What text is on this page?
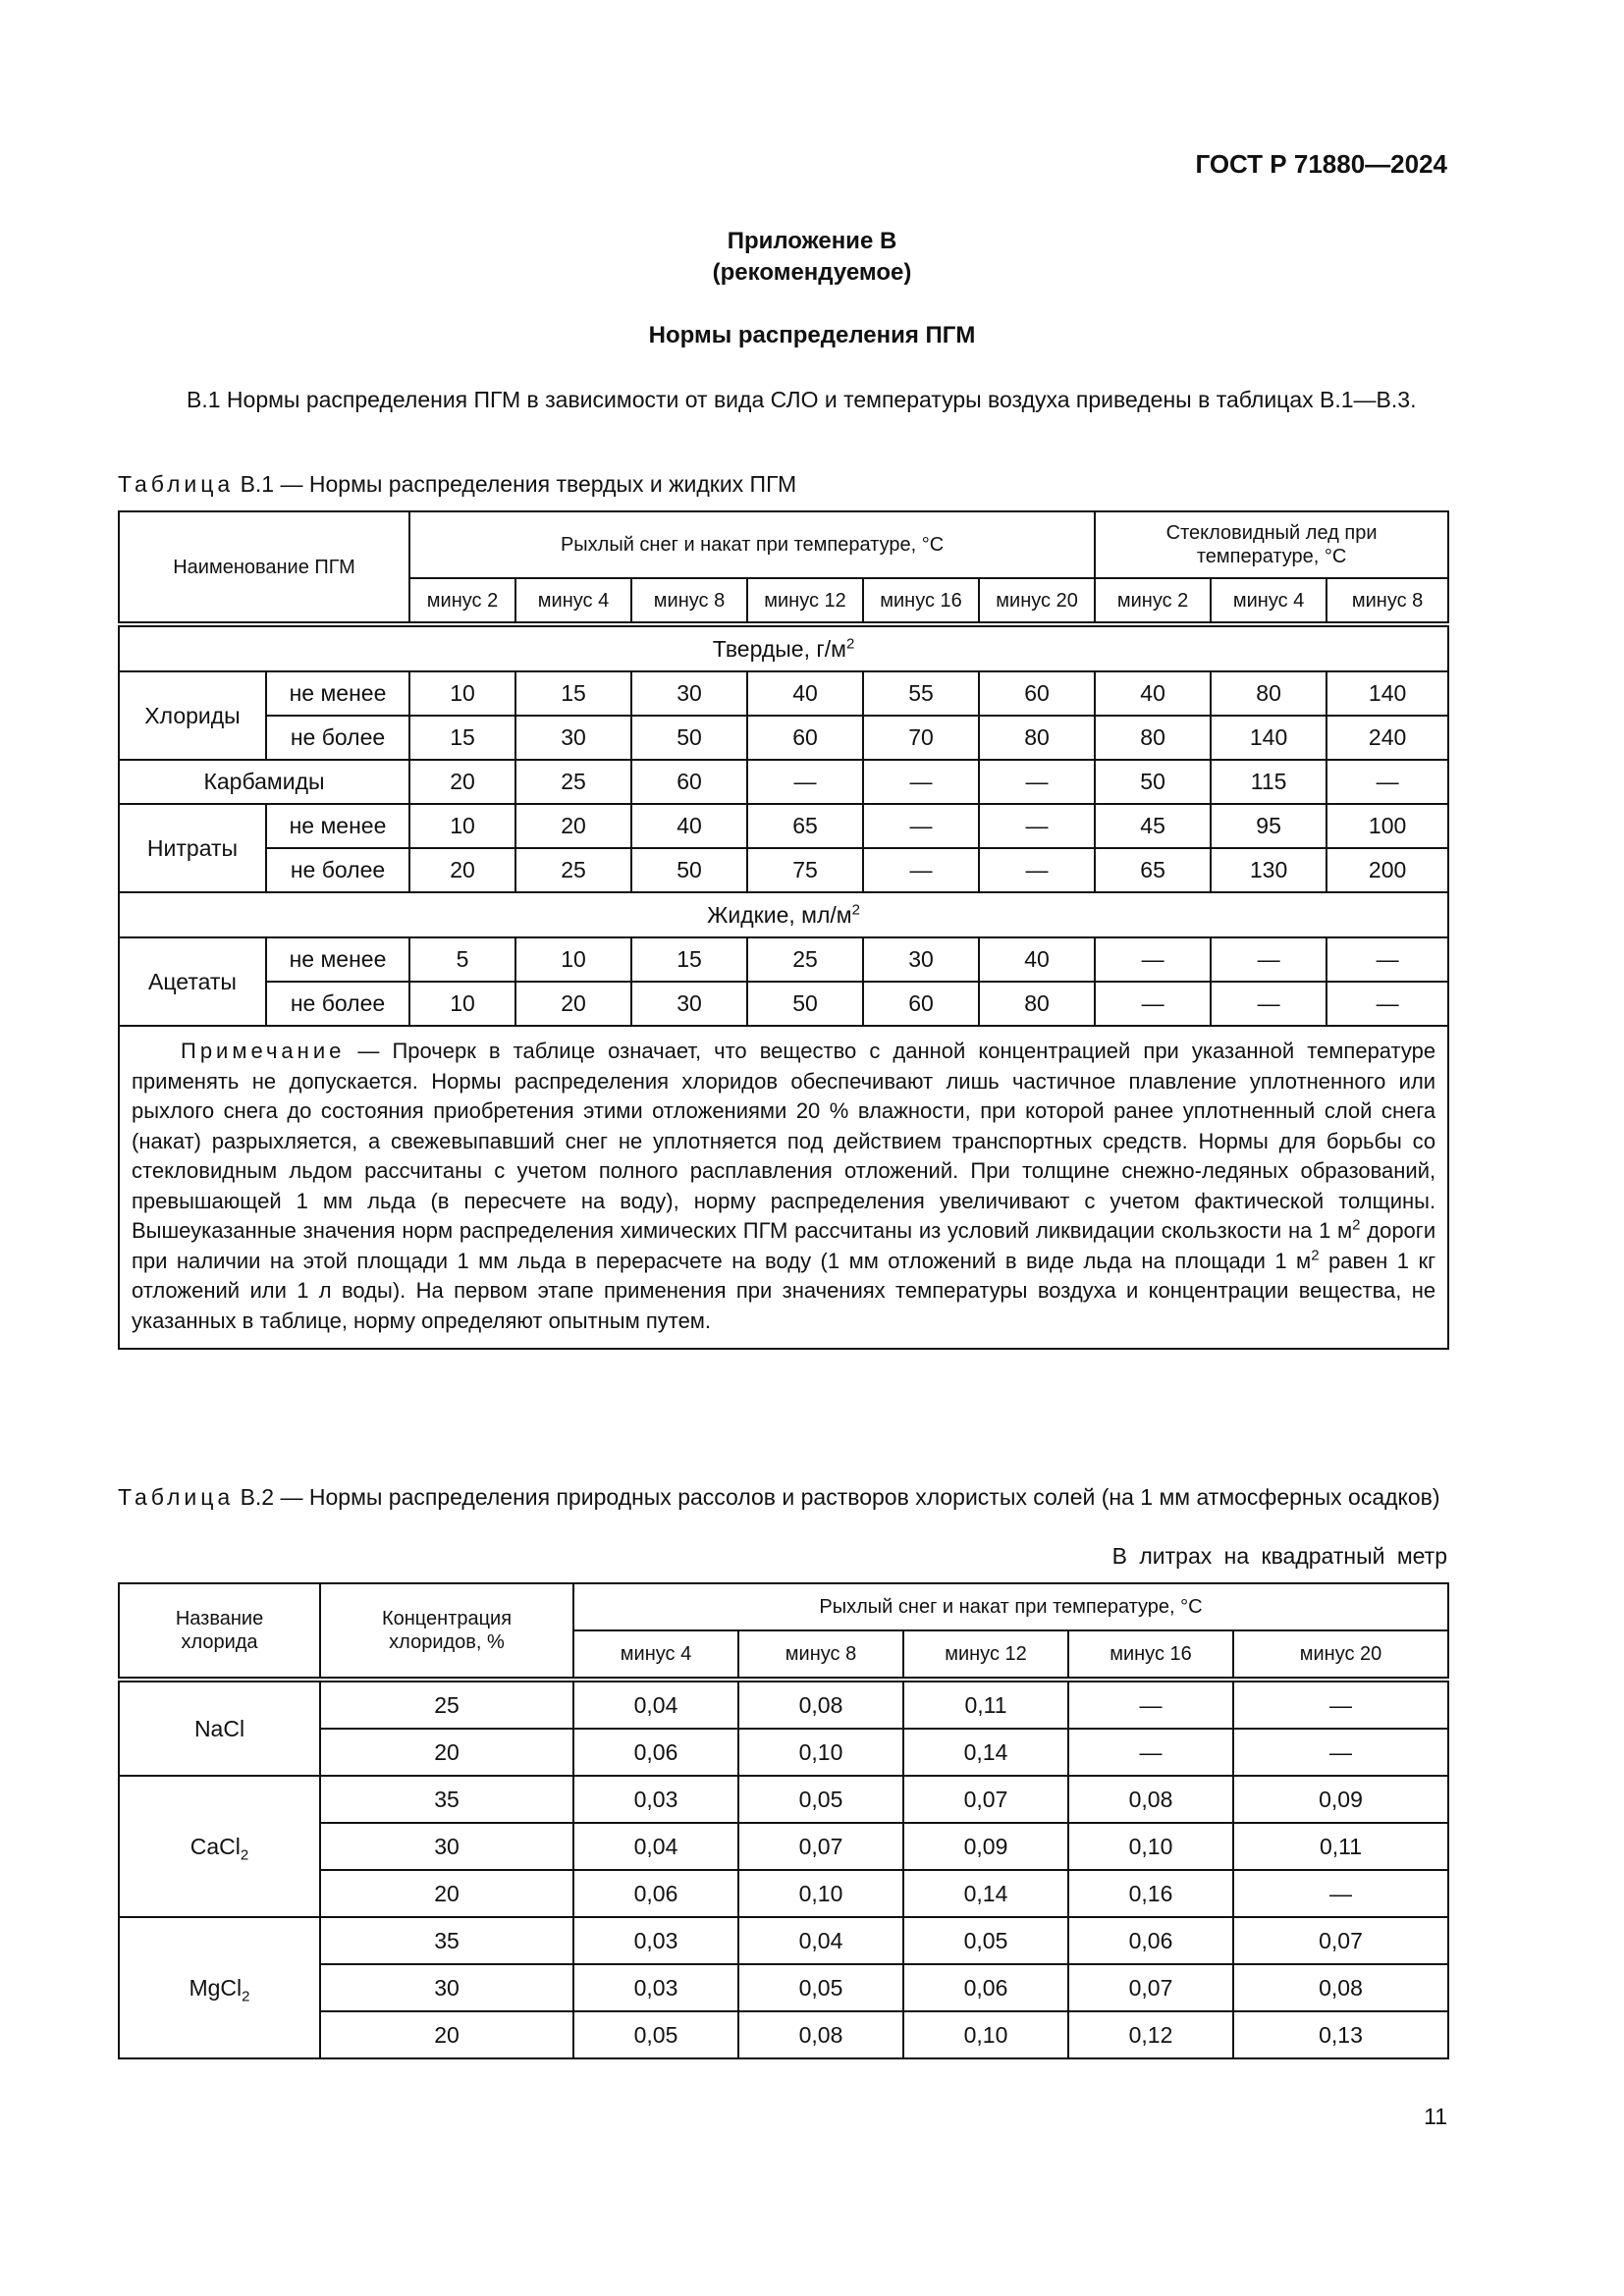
ГОСТ Р 71880—2024
Приложение В
(рекомендуемое)
Нормы распределения ПГМ
В.1 Нормы распределения ПГМ в зависимости от вида СЛО и температуры воздуха приведены в таблицах В.1—В.3.
Таблица В.1 — Нормы распределения твердых и жидких ПГМ
Наименование ПГМ		Рыхлый снег и накат при температуре, °С						Стекловидный лед при температуре, °С		
		минус 2	минус 4	минус 8	минус 12	минус 16	минус 20	минус 2	минус 4	минус 8
Твердые, $г/м^2$
Хлориды	не менее	10	15	30	40	55	60	40	80	140
	не более	15	30	50	60	70	80	80	140	240
Карбамиды		20	25	60	—	—	—	50	115	—
Нитраты	не менее	10	20	40	65	—	—	45	95	100
	не более	20	25	50	75	—	—	65	130	200
Жидкие, $мл/м^2$
Ацетаты	не менее	5	10	15	25	30	40	—	—	—
	не более	10	20	30	50	60	80	—	—	—
Примечание — Прочерк в таблице означает, что вещество с данной концентрацией при указанной температуре применять не допускается. Нормы распределения хлоридов обеспечивают лишь частичное плавление уплотненного или рыхлого снега до состояния приобретения этими отложениями 20 % влажности, при которой ранее уплотненный слой снега (накат) разрыхляется, а свежевыпавший снег не уплотняется под действием транспортных средств. Нормы для борьбы со стекловидным льдом рассчитаны с учетом полного расплавления отложений. При толщине снежно-ледяных образований, превышающей 1 мм льда (в пересчете на воду), норму распределения увеличивают с учетом фактической толщины. Вышеуказанные значения норм распределения химических ПГМ рассчитаны из условий ликвидации скользкости на 1 $м^2$ дороги при наличии на этой площади 1 мм льда в перерасчете на воду (1 мм отложений в виде льда на площади 1 $м^2$ равен 1 кг отложений или 1 л воды). На первом этапе применения при значениях температуры воздуха и концентрации вещества, не указанных в таблице, норму определяют опытным путем.										
Таблица В.2 — Нормы распределения природных рассолов и растворов хлористых солей (на 1 мм атмосферных осадков)
В литрах на квадратный метр
Название хлорида	Концентрация хлоридов, %	Рыхлый снег и накат при температуре, °С				
		минус 4	минус 8	минус 12	минус 16	минус 20
NaCl	25	0,04	0,08	0,11	—	—
	20	0,06	0,10	0,14	—	—
CaCl$_2$	35	0,03	0,05	0,07	0,08	0,09
	30	0,04	0,07	0,09	0,10	0,11
	20	0,06	0,10	0,14	0,16	—
MgCl$_2$	35	0,03	0,04	0,05	0,06	0,07
	30	0,03	0,05	0,06	0,07	0,08
	20	0,05	0,08	0,10	0,12	0,13
11
